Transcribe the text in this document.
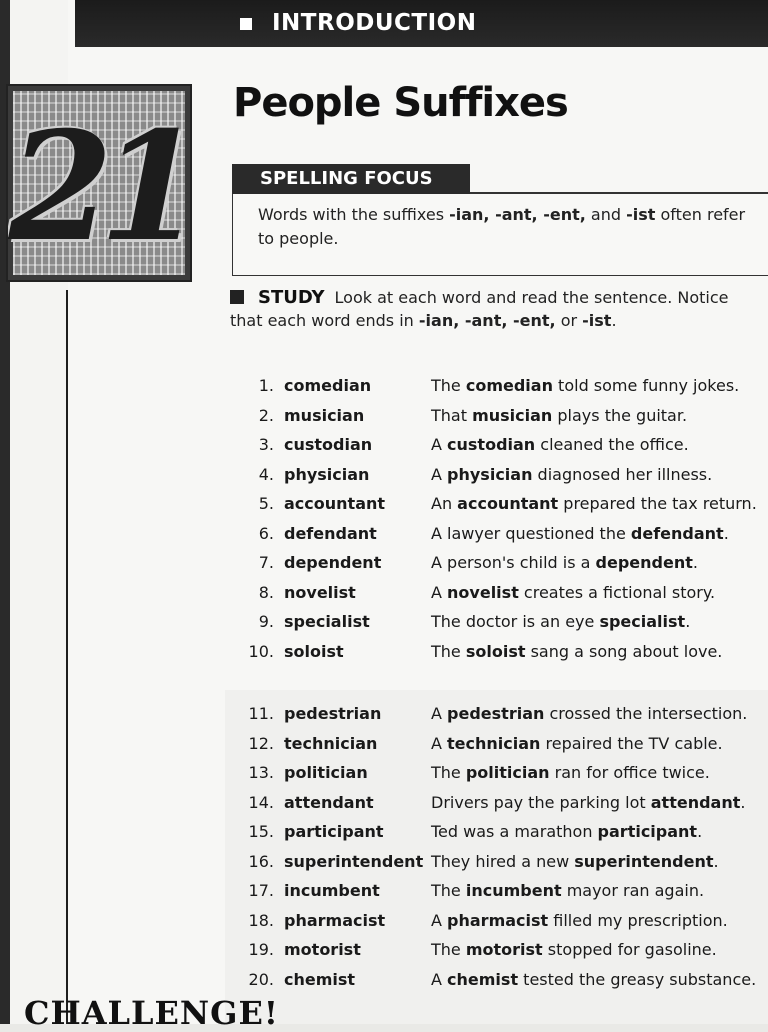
INTRODUCTION
21 People Suffixes
SPELLING FOCUS
Words with the suffixes -ian, -ant, -ent, and -ist often refer to people.
STUDY Look at each word and read the sentence. Notice
that each word ends in -ian, -ant, -ent, or -ist.
1. comedian	The comedian told some funny jokes.
2. musician	That musician plays the guitar.
3. custodian	A custodian cleaned the office.
4. physician	A physician diagnosed her illness.
5. accountant	An accountant prepared the tax return.
6. defendant	A lawyer questioned the defendant.
7. dependent	A person's child is a dependent.
8. novelist	A novelist creates a fictional story.
9. specialist	The doctor is an eye specialist.
10. soloist	The soloist sang a song about love.
11. pedestrian	A pedestrian crossed the intersection.
12. technician	A technician repaired the TV cable.
13. politician	The politician ran for office twice.
14. attendant	Drivers pay the parking lot attendant.
15. participant	Ted was a marathon participant.
16. superintendent They hired a new superintendent.
17. incumbent	The incumbent mayor ran again.
18. pharmacist	A pharmacist filled my prescription.
19. motorist	The motorist stopped for gasoline.
20. chemist	A chemist tested the greasy substance.
CHALLENGE!
